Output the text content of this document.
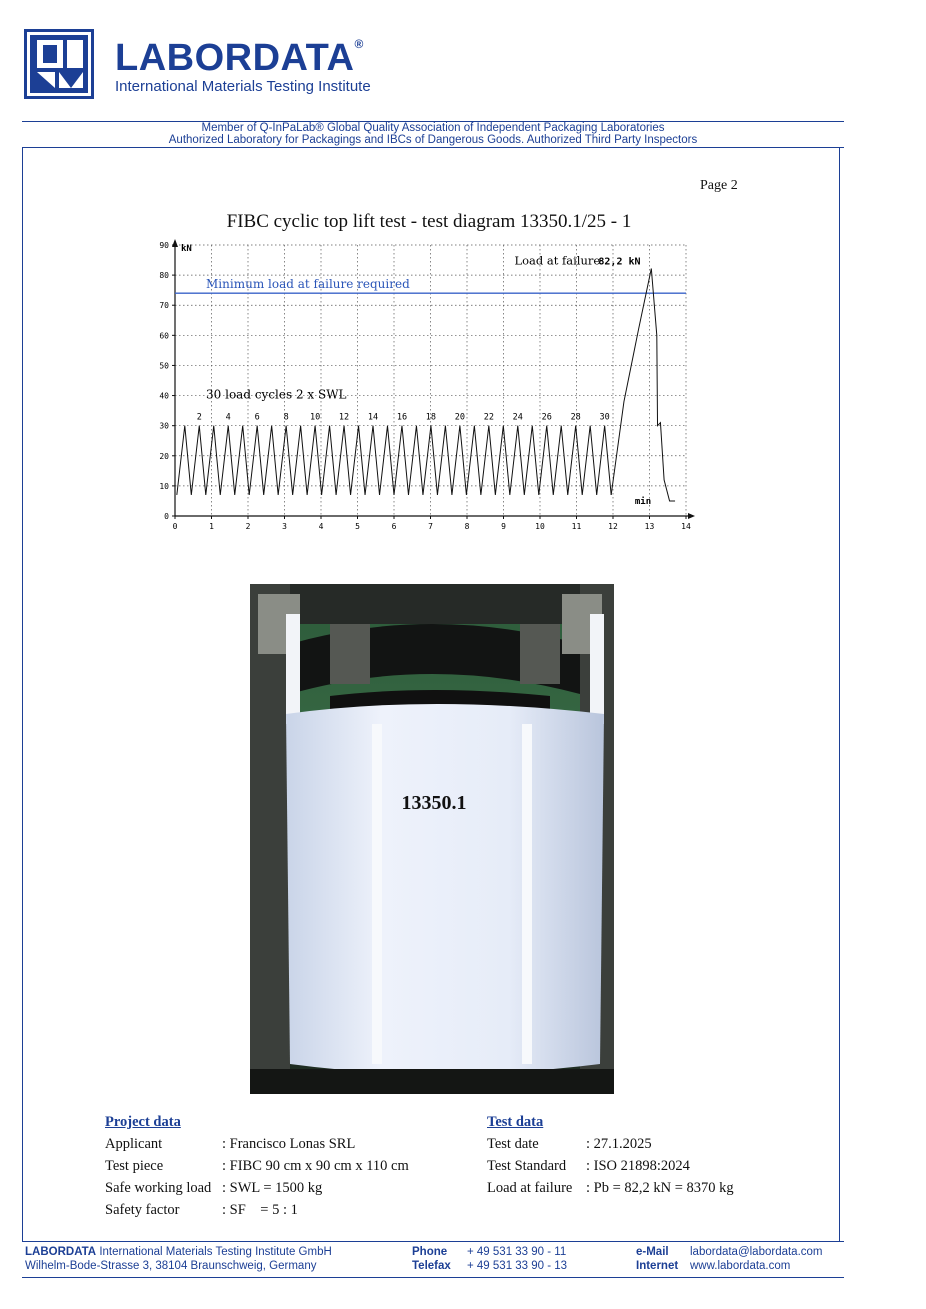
LABORDATA®
International Materials Testing Institute
Member of Q-InPaLab® Global Quality Association of Independent Packaging Laboratories
Authorized Laboratory for Packagings and IBCs of Dangerous Goods. Authorized Third Party Inspectors
Page 2
FIBC cyclic top lift test - test diagram 13350.1/25 - 1
0
10
20
30
40
50
60
70
80
90
0	1	2	3	4	5	6	7	8	9	10	11	12	13	14
Minimum load at failure required
kN
min
30 load cycles 2 x SWL
2	4	6	8	10 12 14 16 18 20 22 24 26 28 30
Load at failure
82,2 kN
13350.1
Project data
Applicant	: Francisco Lonas SRL
Test piece	: FIBC 90 cm x 90 cm x 110 cm
Safe working load : SWL = 1500 kg
Safety factor	: SF    = 5 : 1
Test data
Test date	: 27.1.2025
Test Standard : ISO 21898:2024
Load at failure : Pb = 82,2 kN = 8370 kg
LABORDATA International Materials Testing Institute GmbH
Wilhelm-Bode-Strasse 3, 38104 Braunschweig, Germany
Phone + 49 531 33 90 - 11
Telefax + 49 531 33 90 - 13
e-Mail labordata@labordata.com
Internet www.labordata.com
